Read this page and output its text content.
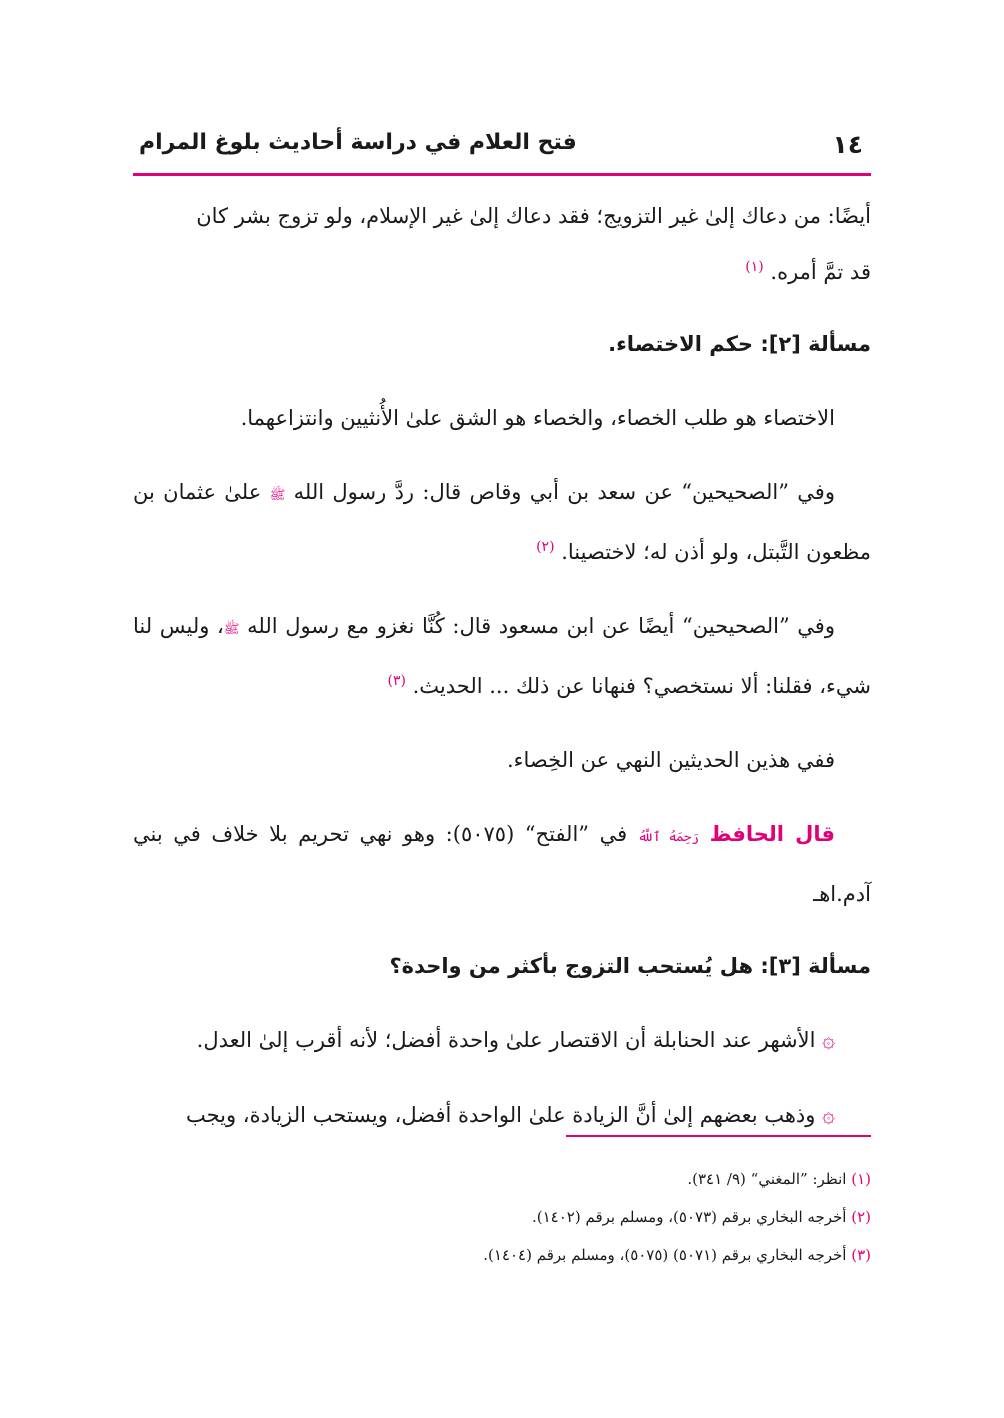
١٤
فتح العلام في دراسة أحاديث بلوغ المرام

أيضًا: من دعاك إلىٰ غير التزويج؛ فقد دعاك إلىٰ غير الإسلام، ولو تزوج بشر كان
قد تمَّ أمره. $^{(١)}$

مسألة [٢]: حكم الاختصاء.

الاختصاء هو طلب الخصاء، والخصاء هو الشق علىٰ الأُنثيين وانتزاعهما.

وفي ”الصحيحين“ عن سعد بن أبي وقاص قال: ردَّ رسول الله ﷺ علىٰ عثمان بن مظعون التَّبتل، ولو أذن له؛ لاختصينا. $^{(٢)}$

وفي ”الصحيحين“ أيضًا عن ابن مسعود قال: كُنَّا نغزو مع رسول الله ﷺ، وليس لنا شيء، فقلنا: ألا نستخصي؟ فنهانا عن ذلك ... الحديث. $^{(٣)}$

ففي هذين الحديثين النهي عن الخِصاء.

قال الحافظ رَحِمَهُ ٱللَّهُ في ”الفتح“ (٥٠٧٥): وهو نهي تحريم بلا خلاف في بني آدم.اهـ

مسألة [٣]: هل يُستحب التزوج بأكثر من واحدة؟

۞ الأشهر عند الحنابلة أن الاقتصار علىٰ واحدة أفضل؛ لأنه أقرب إلىٰ العدل.

۞ وذهب بعضهم إلىٰ أنَّ الزيادة علىٰ الواحدة أفضل، ويستحب الزيادة، ويجب

(١) انظر: ”المغني“ (٩/ ٣٤١).
(٢) أخرجه البخاري برقم (٥٠٧٣)، ومسلم برقم (١٤٠٢).
(٣) أخرجه البخاري برقم (٥٠٧١) (٥٠٧٥)، ومسلم برقم (١٤٠٤).
